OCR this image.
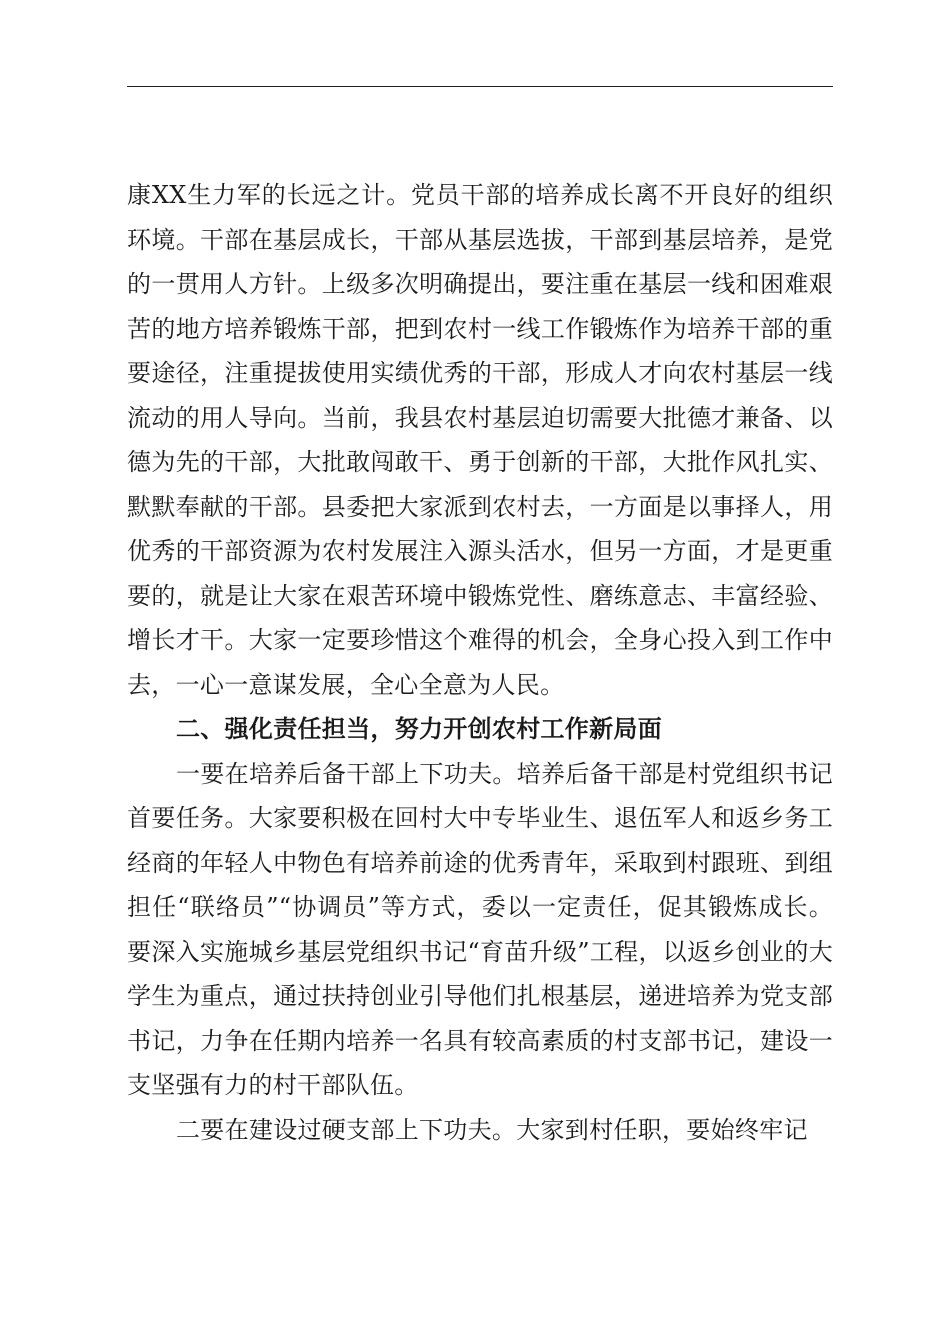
康XX生力军的长远之计。党员干部的培养成长离不开良好的组织环境。干部在基层成长，干部从基层选拔，干部到基层培养，是党的一贯用人方针。上级多次明确提出，要注重在基层一线和困难艰苦的地方培养锻炼干部，把到农村一线工作锻炼作为培养干部的重要途径，注重提拔使用实绩优秀的干部，形成人才向农村基层一线流动的用人导向。当前，我县农村基层迫切需要大批德才兼备、以德为先的干部，大批敢闯敢干、勇于创新的干部，大批作风扎实、默默奉献的干部。县委把大家派到农村去，一方面是以事择人，用优秀的干部资源为农村发展注入源头活水，但另一方面，才是更重要的，就是让大家在艰苦环境中锻炼党性、磨练意志、丰富经验、增长才干。大家一定要珍惜这个难得的机会，全身心投入到工作中去，一心一意谋发展，全心全意为人民。

二、强化责任担当，努力开创农村工作新局面

一要在培养后备干部上下功夫。培养后备干部是村党组织书记首要任务。大家要积极在回村大中专毕业生、退伍军人和返乡务工经商的年轻人中物色有培养前途的优秀青年，采取到村跟班、到组担任“联络员”“协调员”等方式，委以一定责任，促其锻炼成长。要深入实施城乡基层党组织书记“育苗升级”工程，以返乡创业的大学生为重点，通过扶持创业引导他们扎根基层，递进培养为党支部书记，力争在任期内培养一名具有较高素质的村支部书记，建设一支坚强有力的村干部队伍。

二要在建设过硬支部上下功夫。大家到村任职，要始终牢记
